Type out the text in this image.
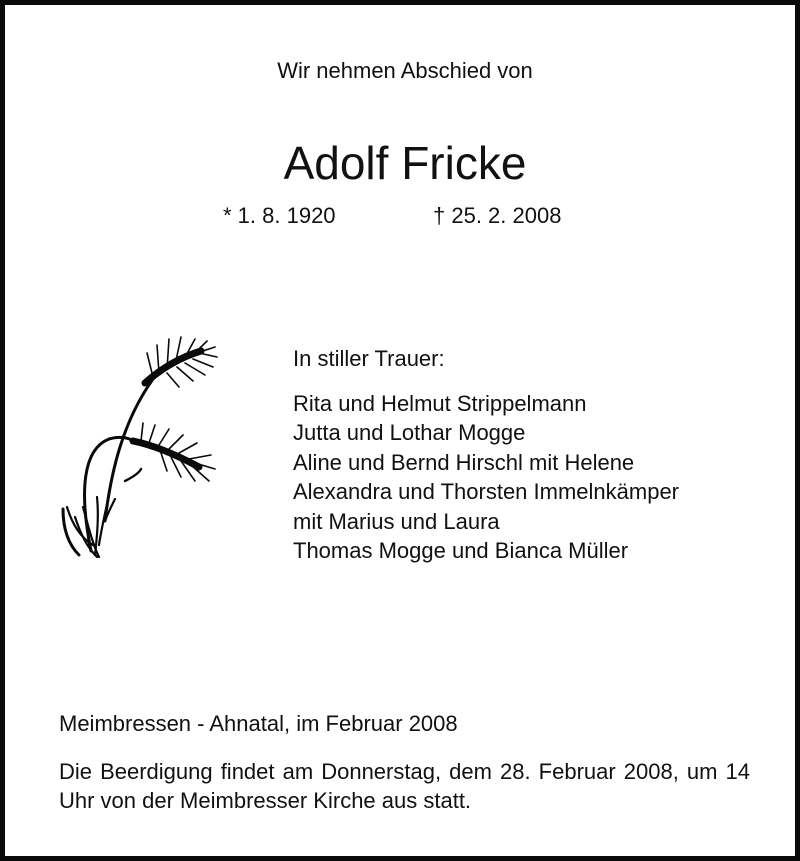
Wir nehmen Abschied von
Adolf Fricke
* 1. 8. 1920	† 25. 2. 2008
In stiller Trauer:
Rita und Helmut Strippelmann
Jutta und Lothar Mogge
Aline und Bernd Hirschl mit Helene
Alexandra und Thorsten Immelnkämper
mit Marius und Laura
Thomas Mogge und Bianca Müller
Meimbressen - Ahnatal, im Februar 2008
Die Beerdigung findet am Donnerstag, dem 28. Februar 2008, um 14 Uhr von der Meimbresser Kirche aus statt.
